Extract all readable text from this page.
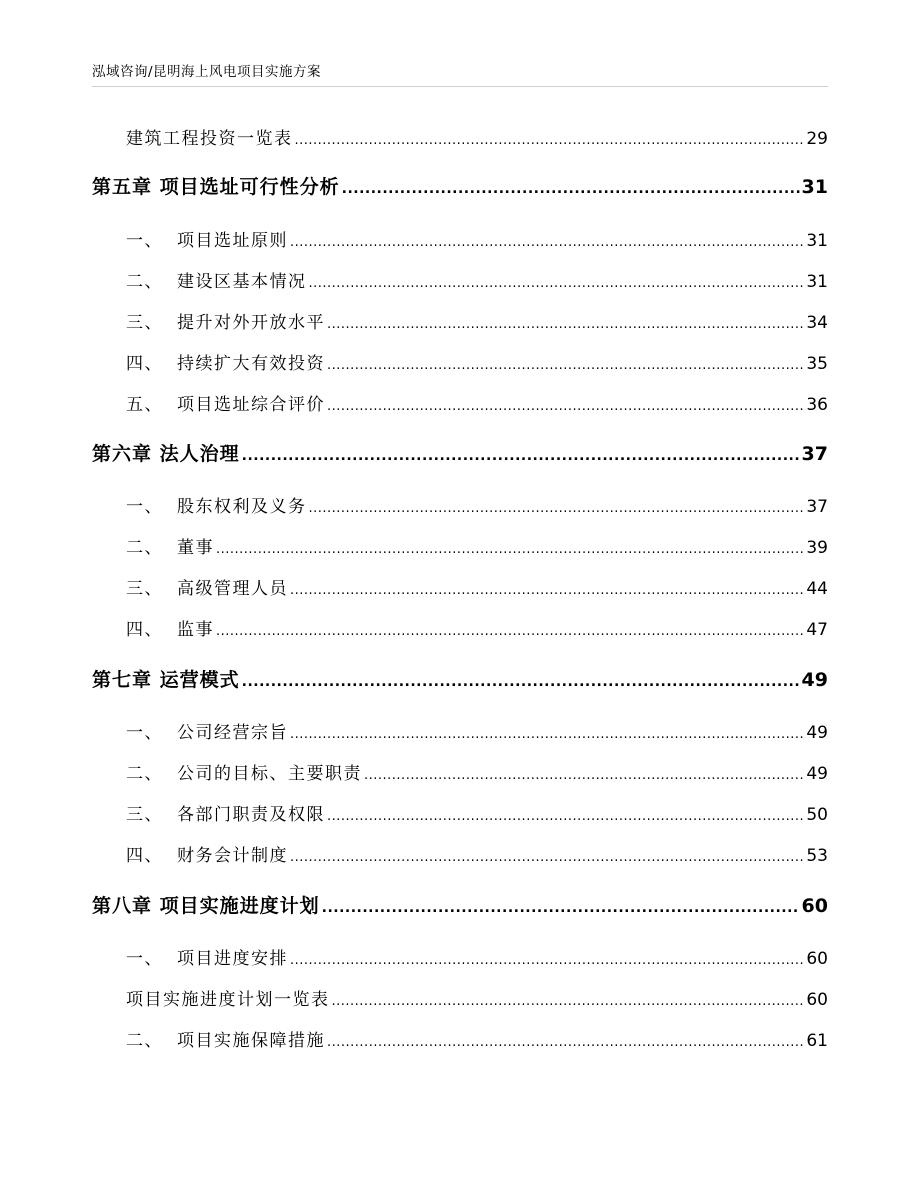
泓域咨询/昆明海上风电项目实施方案
建筑工程投资一览表 .....	29
第五章 项目选址可行性分析 .....	31
一、 项目选址原则 .....	31
二、 建设区基本情况 .....	31
三、 提升对外开放水平 .....	34
四、 持续扩大有效投资 .....	35
五、 项目选址综合评价 .....	36
第六章 法人治理 .....	37
一、 股东权利及义务 .....	37
二、 董事 .....	39
三、 高级管理人员 .....	44
四、 监事 .....	47
第七章 运营模式 .....	49
一、 公司经营宗旨 .....	49
二、 公司的目标、主要职责 .....	49
三、 各部门职责及权限 .....	50
四、 财务会计制度 .....	53
第八章 项目实施进度计划 .....	60
一、 项目进度安排 .....	60
项目实施进度计划一览表 .....	60
二、 项目实施保障措施 .....	61
